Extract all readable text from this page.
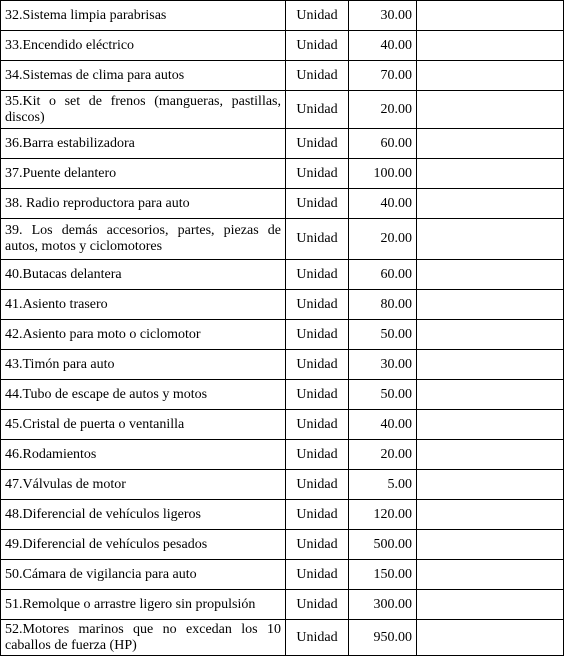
32.Sistema limpia parabrisas	Unidad	30.00	
33.Encendido eléctrico	Unidad	40.00	
34.Sistemas de clima para autos	Unidad	70.00	
35.Kit o set de frenos (mangueras, pastillas, discos)	Unidad	20.00	
36.Barra estabilizadora	Unidad	60.00	
37.Puente delantero	Unidad	100.00	
38. Radio reproductora para auto	Unidad	40.00	
39. Los demás accesorios, partes, piezas de autos, motos y ciclomotores	Unidad	20.00	
40.Butacas delantera	Unidad	60.00	
41.Asiento trasero	Unidad	80.00	
42.Asiento para moto o ciclomotor	Unidad	50.00	
43.Timón para auto	Unidad	30.00	
44.Tubo de escape de autos y motos	Unidad	50.00	
45.Cristal de puerta o ventanilla	Unidad	40.00	
46.Rodamientos	Unidad	20.00	
47.Válvulas de motor	Unidad	5.00	
48.Diferencial de vehículos ligeros	Unidad	120.00	
49.Diferencial de vehículos pesados	Unidad	500.00	
50.Cámara de vigilancia para auto	Unidad	150.00	
51.Remolque o arrastre ligero sin propulsión	Unidad	300.00	
52.Motores marinos que no excedan los 10 caballos de fuerza (HP)	Unidad	950.00	
